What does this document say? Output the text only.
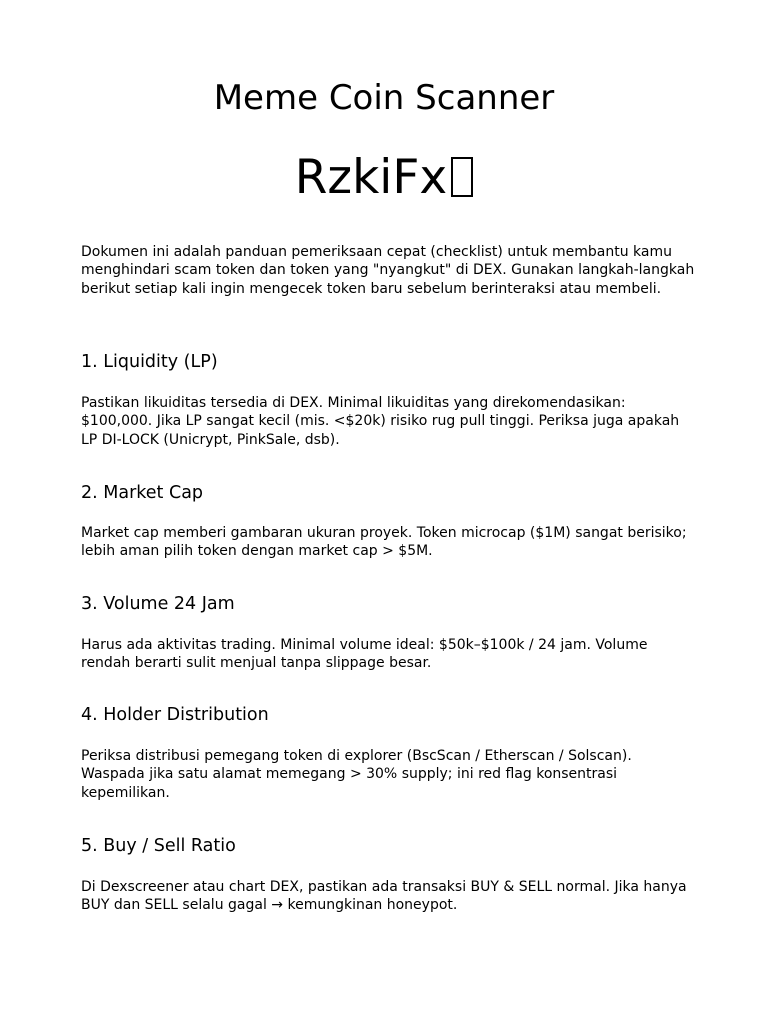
Meme Coin Scanner
RzkiFx

Dokumen ini adalah panduan pemeriksaan cepat (checklist) untuk membantu kamu menghindari scam token dan token yang "nyangkut" di DEX. Gunakan langkah-langkah berikut setiap kali ingin mengecek token baru sebelum berinteraksi atau membeli.

1. Liquidity (LP)

Pastikan likuiditas tersedia di DEX. Minimal likuiditas yang direkomendasikan: $100,000. Jika LP sangat kecil (mis. <$20k) risiko rug pull tinggi. Periksa juga apakah LP DI-LOCK (Unicrypt, PinkSale, dsb).

2. Market Cap

Market cap memberi gambaran ukuran proyek. Token microcap ($1M) sangat berisiko; lebih aman pilih token dengan market cap > $5M.

3. Volume 24 Jam

Harus ada aktivitas trading. Minimal volume ideal: $50k–$100k / 24 jam. Volume rendah berarti sulit menjual tanpa slippage besar.

4. Holder Distribution

Periksa distribusi pemegang token di explorer (BscScan / Etherscan / Solscan). Waspada jika satu alamat memegang > 30% supply; ini red flag konsentrasi kepemilikan.

5. Buy / Sell Ratio

Di Dexscreener atau chart DEX, pastikan ada transaksi BUY & SELL normal. Jika hanya BUY dan SELL selalu gagal → kemungkinan honeypot.
